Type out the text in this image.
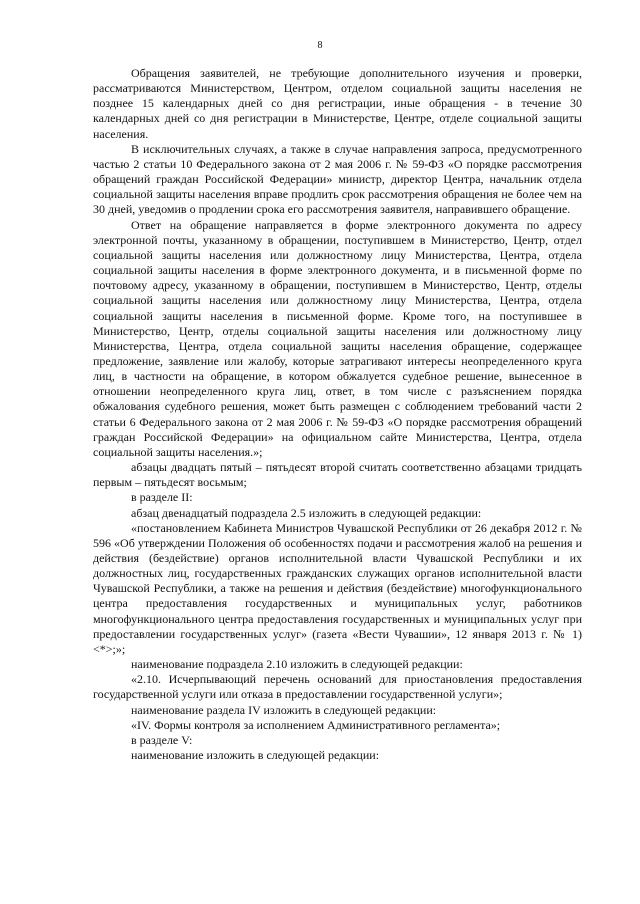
8

Обращения заявителей, не требующие дополнительного изучения и проверки, рассматриваются Министерством, Центром, отделом социальной защиты населения не позднее 15 календарных дней со дня регистрации, иные обращения - в течение 30 календарных дней со дня регистрации в Министерстве, Центре, отделе социальной защиты населения.

В исключительных случаях, а также в случае направления запроса, предусмотренного частью 2 статьи 10 Федерального закона от 2 мая 2006 г. № 59-ФЗ «О порядке рассмотрения обращений граждан Российской Федерации» министр, директор Центра, начальник отдела социальной защиты населения вправе продлить срок рассмотрения обращения не более чем на 30 дней, уведомив о продлении срока его рассмотрения заявителя, направившего обращение.

Ответ на обращение направляется в форме электронного документа по адресу электронной почты, указанному в обращении, поступившем в Министерство, Центр, отдел социальной защиты населения или должностному лицу Министерства, Центра, отдела социальной защиты населения в форме электронного документа, и в письменной форме по почтовому адресу, указанному в обращении, поступившем в Министерство, Центр, отделы социальной защиты населения или должностному лицу Министерства, Центра, отдела социальной защиты населения в письменной форме. Кроме того, на поступившее в Министерство, Центр, отделы социальной защиты населения или должностному лицу Министерства, Центра, отдела социальной защиты населения обращение, содержащее предложение, заявление или жалобу, которые затрагивают интересы неопределенного круга лиц, в частности на обращение, в котором обжалуется судебное решение, вынесенное в отношении неопределенного круга лиц, ответ, в том числе с разъяснением порядка обжалования судебного решения, может быть размещен с соблюдением требований части 2 статьи 6 Федерального закона от 2 мая 2006 г. № 59-ФЗ «О порядке рассмотрения обращений граждан Российской Федерации» на официальном сайте Министерства, Центра, отдела социальной защиты населения.»;

абзацы двадцать пятый – пятьдесят второй считать соответственно абзацами тридцать первым – пятьдесят восьмым;

в разделе II:

абзац двенадцатый подраздела 2.5 изложить в следующей редакции:

«постановлением Кабинета Министров Чувашской Республики от 26 декабря 2012 г. № 596 «Об утверждении Положения об особенностях подачи и рассмотрения жалоб на решения и действия (бездействие) органов исполнительной власти Чувашской Республики и их должностных лиц, государственных гражданских служащих органов исполнительной власти Чувашской Республики, а также на решения и действия (бездействие) многофункционального центра предоставления государственных и муниципальных услуг, работников многофункционального центра предоставления государственных и муниципальных услуг при предоставлении государственных услуг» (газета «Вести Чувашии», 12 января 2013 г. № 1) <*>;»;

наименование подраздела 2.10 изложить в следующей редакции:

«2.10. Исчерпывающий перечень оснований для приостановления предоставления государственной услуги или отказа в предоставлении государственной услуги»;

наименование раздела IV изложить в следующей редакции:

«IV. Формы контроля за исполнением Административного регламента»;

в разделе V:

наименование изложить в следующей редакции:
